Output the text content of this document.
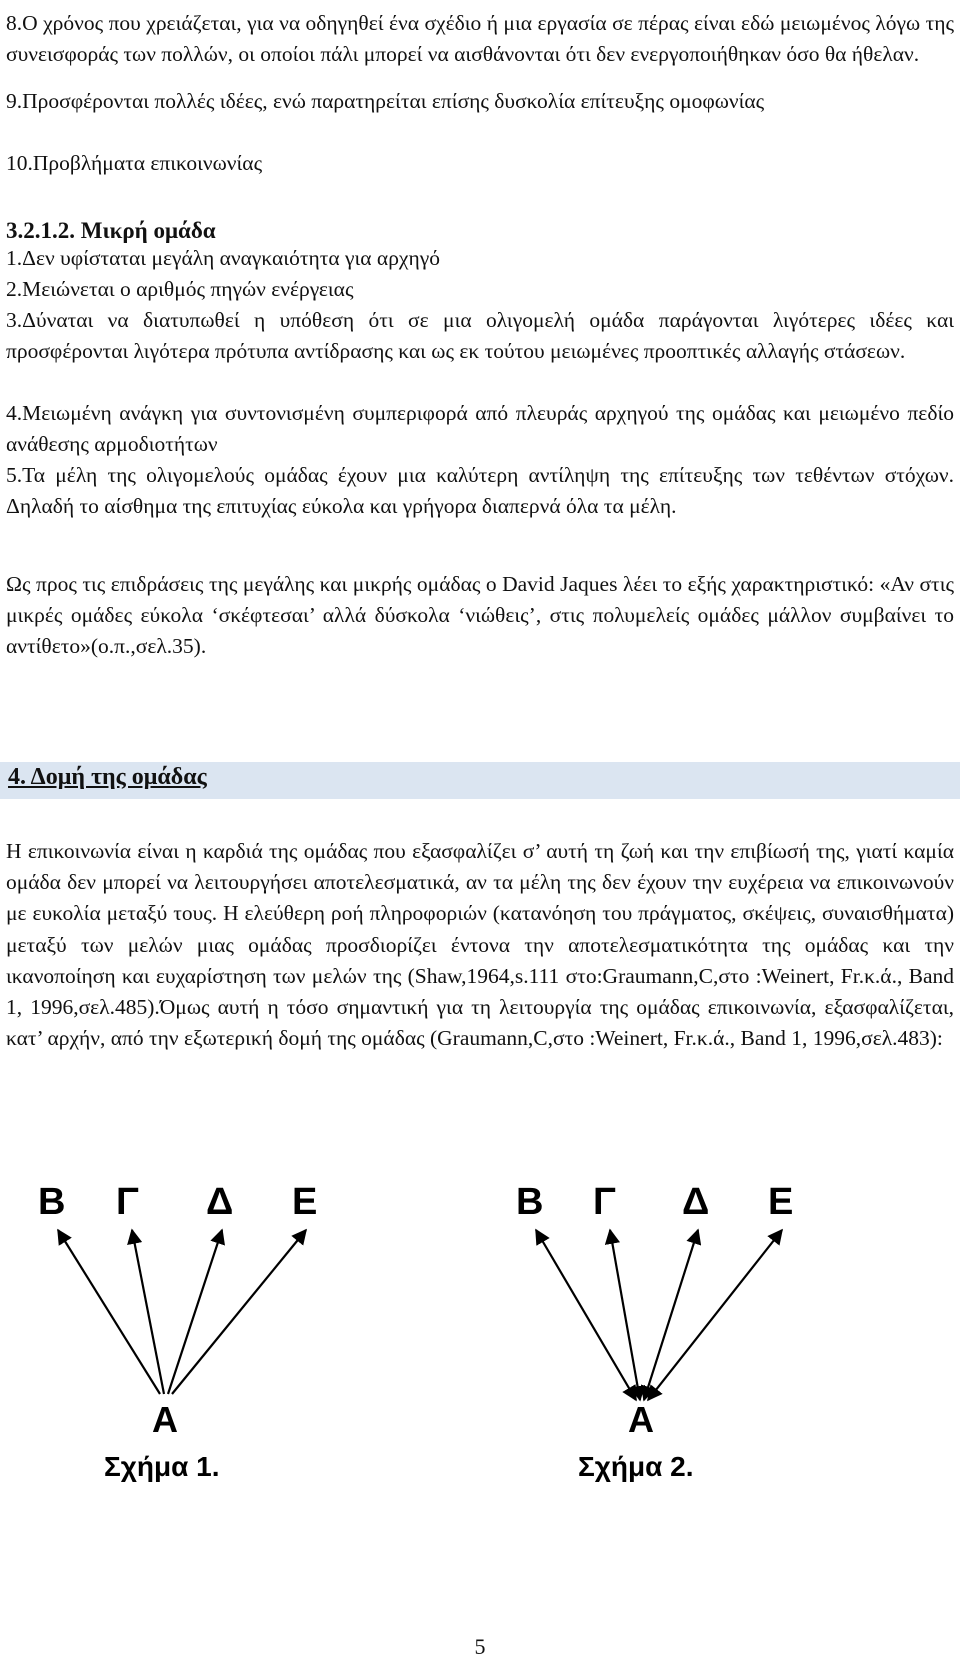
8.Ο χρόνος που χρειάζεται, για να οδηγηθεί ένα σχέδιο ή μια εργασία σε πέρας είναι εδώ μειωμένος λόγω της συνεισφοράς των πολλών, οι οποίοι πάλι μπορεί να αισθάνονται ότι δεν ενεργοποιήθηκαν όσο θα ήθελαν.

9.Προσφέρονται πολλές ιδέες, ενώ παρατηρείται επίσης δυσκολία επίτευξης ομοφωνίας

10.Προβλήματα επικοινωνίας

3.2.1.2. Μικρή ομάδα

1.Δεν υφίσταται μεγάλη αναγκαιότητα για αρχηγό

2.Μειώνεται ο αριθμός πηγών ενέργειας

3.Δύναται να διατυπωθεί η υπόθεση ότι σε μια ολιγομελή ομάδα παράγονται λιγότερες ιδέες και προσφέρονται λιγότερα πρότυπα αντίδρασης και ως εκ τούτου μειωμένες προοπτικές αλλαγής στάσεων.

4.Μειωμένη ανάγκη για συντονισμένη συμπεριφορά από πλευράς αρχηγού της ομάδας και μειωμένο πεδίο ανάθεσης αρμοδιοτήτων

5.Τα μέλη της ολιγομελούς ομάδας έχουν μια καλύτερη αντίληψη της επίτευξης των τεθέντων στόχων. Δηλαδή το αίσθημα της επιτυχίας εύκολα και γρήγορα διαπερνά όλα τα μέλη.

Ως προς τις επιδράσεις της μεγάλης και μικρής ομάδας ο David Jaques λέει το εξής χαρακτηριστικό: «Αν στις μικρές ομάδες εύκολα ‘σκέφτεσαι’ αλλά δύσκολα ‘νιώθεις’, στις πολυμελείς ομάδες μάλλον συμβαίνει το αντίθετο»(ο.π.,σελ.35).

4. Δομή της ομάδας

Η επικοινωνία είναι η καρδιά της ομάδας που εξασφαλίζει σ’ αυτή τη ζωή και την επιβίωσή της, γιατί καμία ομάδα δεν μπορεί να λειτουργήσει αποτελεσματικά, αν τα μέλη της δεν έχουν την ευχέρεια να επικοινωνούν με ευκολία μεταξύ τους. Η ελεύθερη ροή πληροφοριών (κατανόηση του πράγματος, σκέψεις, συναισθήματα) μεταξύ των μελών μιας ομάδας προσδιορίζει έντονα την αποτελεσματικότητα της ομάδας και την ικανοποίηση και ευχαρίστηση των μελών της (Shaw,1964,s.111 στο:Graumann,C,στο :Weinert, Fr.κ.ά., Band 1, 1996,σελ.485).Όμως αυτή η τόσο σημαντική για τη λειτουργία της ομάδας επικοινωνία, εξασφαλίζεται, κατ’ αρχήν, από την εξωτερική δομή της ομάδας (Graumann,C,στο :Weinert, Fr.κ.ά., Band 1, 1996,σελ.483):

Β Γ Δ Ε
Α
Σχήμα 1.
Β Γ Δ Ε
Α
Σχήμα 2.
5
